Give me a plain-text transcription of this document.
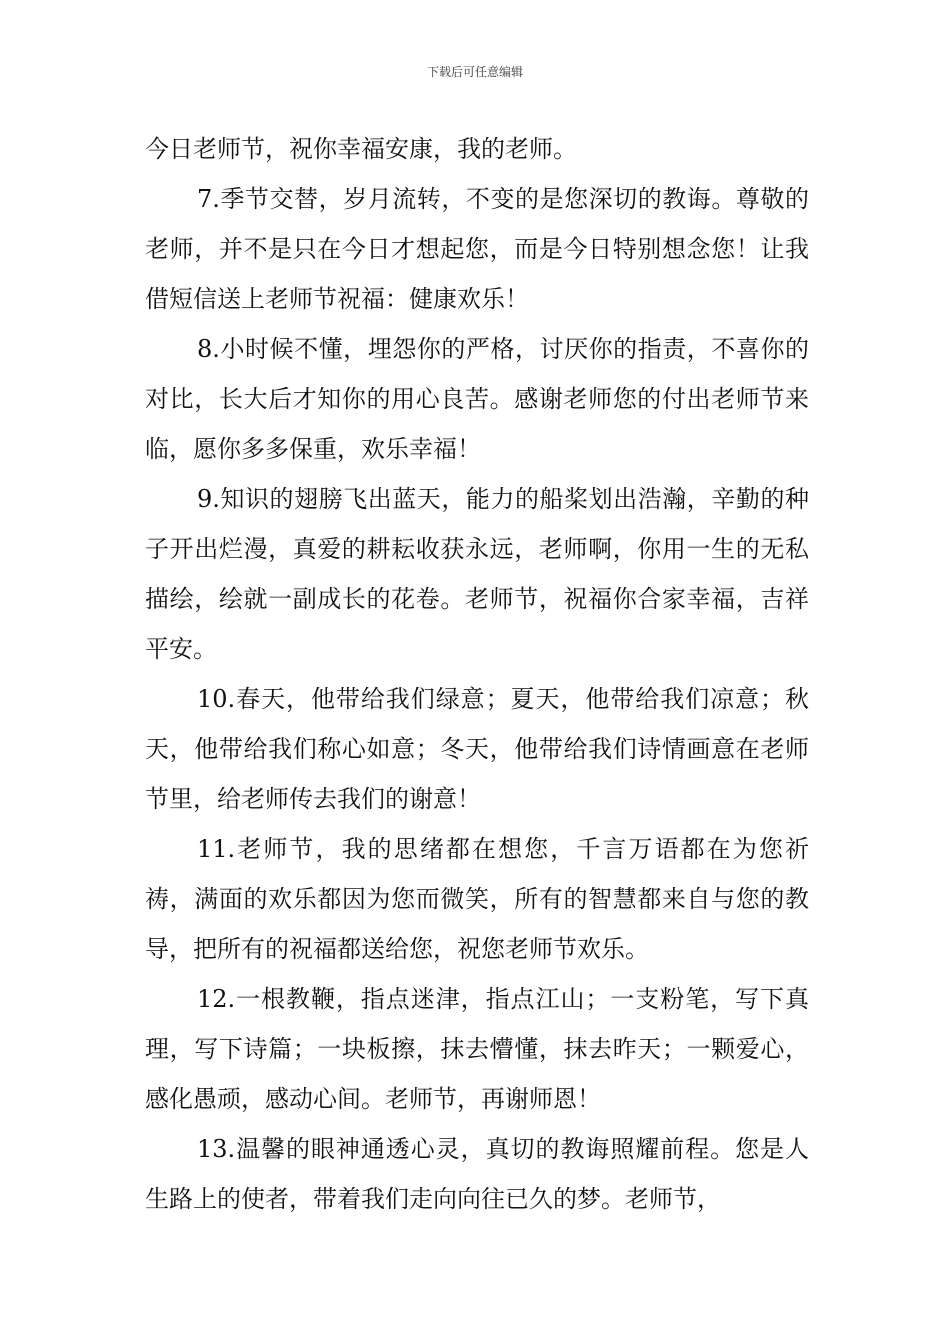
下载后可任意编辑

今日老师节，祝你幸福安康，我的老师。

7.季节交替，岁月流转，不变的是您深切的教诲。尊敬的老师，并不是只在今日才想起您，而是今日特别想念您！让我借短信送上老师节祝福：健康欢乐！

8.小时候不懂，埋怨你的严格，讨厌你的指责，不喜你的对比，长大后才知你的用心良苦。感谢老师您的付出老师节来临，愿你多多保重，欢乐幸福！

9.知识的翅膀飞出蓝天，能力的船桨划出浩瀚，辛勤的种子开出烂漫，真爱的耕耘收获永远，老师啊，你用一生的无私描绘，绘就一副成长的花卷。老师节，祝福你合家幸福，吉祥平安。

10.春天，他带给我们绿意；夏天，他带给我们凉意；秋天，他带给我们称心如意；冬天，他带给我们诗情画意在老师节里，给老师传去我们的谢意！

11.老师节，我的思绪都在想您，千言万语都在为您祈祷，满面的欢乐都因为您而微笑，所有的智慧都来自与您的教导，把所有的祝福都送给您，祝您老师节欢乐。

12.一根教鞭，指点迷津，指点江山；一支粉笔，写下真理，写下诗篇；一块板擦，抹去懵懂，抹去昨天；一颗爱心，感化愚顽，感动心间。老师节，再谢师恩！

13.温馨的眼神通透心灵，真切的教诲照耀前程。您是人生路上的使者，带着我们走向向往已久的梦。老师节，
